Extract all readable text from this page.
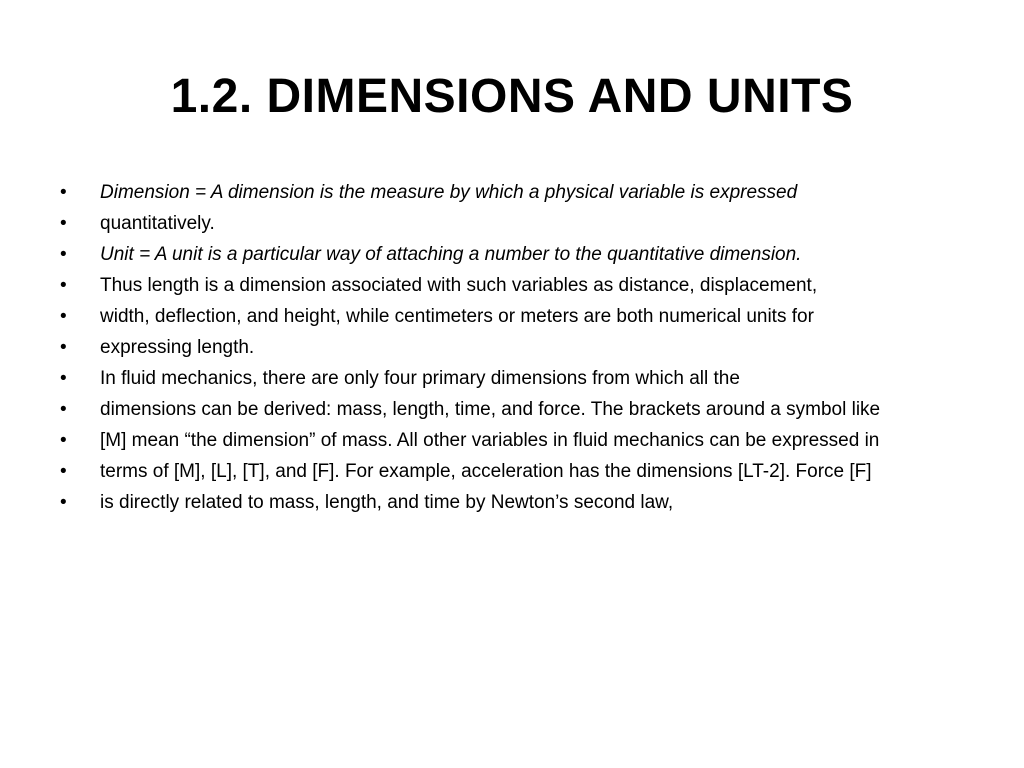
1.2. DIMENSIONS AND UNITS
•	Dimension = A dimension is the measure by which a physical variable is expressed
•	quantitatively.
•	Unit = A unit is a particular way of attaching a number to the quantitative dimension.
•	Thus length is a dimension associated with such variables as distance, displacement,
•	width, deflection, and height, while centimeters or meters are both numerical units for
•	expressing length.
•	In fluid mechanics, there are only four primary dimensions from which all the
•	dimensions can be derived: mass, length, time, and force. The brackets around a symbol like
•	[M] mean “the dimension” of mass. All other variables in fluid mechanics can be expressed in
•	terms of [M], [L], [T], and [F]. For example, acceleration has the dimensions [LT-2]. Force [F]
•	is directly related to mass, length, and time by Newton’s second law,
